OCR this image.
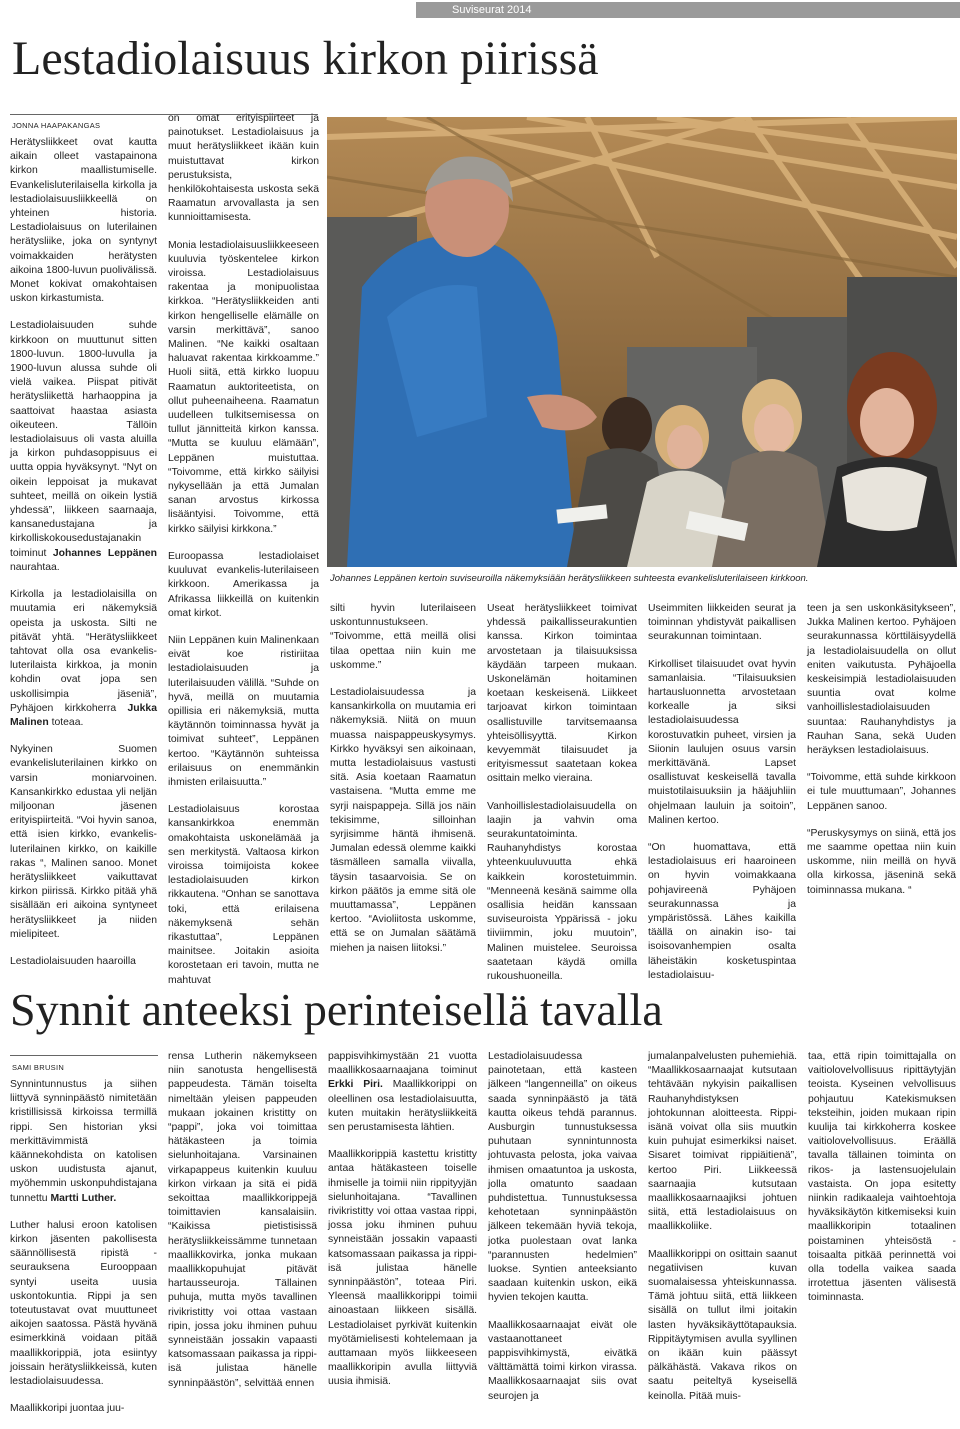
Suviseurat 2014
Lestadiolaisuus kirkon piirissä
JONNA HAAPAKANGAS

Herätysliikkeet ovat kautta aikain olleet vastapainona kirkon maallistumiselle. Evankelisluterilaisella kirkolla ja lestadiolaisuusliikkeellä on yhteinen historia. Lestadiolaisuus on luterilainen herätysliike, joka on syntynyt voimakkaiden herätysten aikoina 1800-luvun puolivälissä. Monet kokivat omakohtaisen uskon kirkastumista.

Lestadiolaisuuden suhde kirkkoon on muuttunut sitten 1800-luvun. 1800-luvulla ja 1900-luvun alussa suhde oli vielä vaikea. Piispat pitivät herätysliikettä harhaoppina ja saattoivat haastaa asiasta oikeuteen. Tällöin lestadiolaisuus oli vasta aluilla ja kirkon puhdasoppisuus ei uutta oppia hyväksynyt. “Nyt on oikein leppoisat ja mukavat suhteet, meillä on oikein lystiä yhdessä”, liikkeen saarnaaja, kansanedustajana ja kirkolliskokousedustajanakin toiminut Johannes Leppänen naurahtaa.

Kirkolla ja lestadiolaisilla on muutamia eri näkemyksiä opeista ja uskosta. Silti ne pitävät yhtä. “Herätysliikkeet tahtovat olla osa evankelis- luterilaista kirkkoa, ja monin kohdin ovat jopa sen uskollisimpia jäseniä”, Pyhäjoen kirkkoherra Jukka Malinen toteaa.

Nykyinen Suomen evankelisluterilainen kirkko on varsin moniarvoinen. Kansankirkko edustaa yli neljän miljoonan jäsenen erityispiirteitä. “Voi hyvin sanoa, että isien kirkko, evankelis-luterilainen kirkko, on kaikille rakas “, Malinen sanoo. Monet herätysliikkeet vaikuttavat kirkon piirissä. Kirkko pitää yhä sisällään eri aikoina syntyneet herätysliikkeet ja niiden mielipiteet.

Lestadiolaisuuden haaroilla

on omat erityispiirteet ja painotukset. Lestadiolaisuus ja muut herätysliikkeet ikään kuin muistuttavat kirkon perustuksista, henkilökohtaisesta uskosta sekä Raamatun arvovallasta ja sen kunnioittamisesta.

Monia lestadiolaisuusliikkeeseen kuuluvia työskentelee kirkon viroissa. Lestadiolaisuus rakentaa ja monipuolistaa kirkkoa. “Herätysliikkeiden anti kirkon hengelliselle elämälle on varsin merkittävä”, sanoo Malinen. “Ne kaikki osaltaan haluavat rakentaa kirkkoamme.” Huoli siitä, että kirkko luopuu Raamatun auktoriteetista, on ollut puheenaiheena. Raamatun uudelleen tulkitsemisessa on tullut jännitteitä kirkon kanssa. “Mutta se kuuluu elämään”, Leppänen muistuttaa. “Toivomme, että kirkko säilyisi nykysellään ja että Jumalan sanan arvostus kirkossa lisääntyisi. Toivomme, että kirkko säilyisi kirkkona.”

Euroopassa lestadiolaiset kuuluvat evankelis-luterilaiseen kirkkoon. Amerikassa ja Afrikassa liikkeillä on kuitenkin omat kirkot.

Niin Leppänen kuin Malinenkaan eivät koe ristiriitaa lestadiolaisuuden ja luterilaisuuden välillä. “Suhde on hyvä, meillä on muutamia opillisia eri näkemyksiä, mutta käytännön toiminnassa hyvät ja toimivat suhteet”, Leppänen kertoo. “Käytännön suhteissa erilaisuus on enemmänkin ihmisten erilaisuutta.”

Lestadiolaisuus korostaa kansankirkkoa enemmän omakohtaista uskonelämää ja sen merkitystä. Valtaosa kirkon viroissa toimijoista kokee lestadiolaisuuden kirkon rikkautena. “Onhan se sanottava toki, että erilaisena näkemyksenä sehän rikastuttaa”, Leppänen mainitsee. Joitakin asioita korostetaan eri tavoin, mutta ne mahtuvat

Johannes Leppänen kertoin suviseuroilla näkemyksiään herätysliikkeen suhteesta evankelisluterilaiseen kirkkoon.

silti hyvin luterilaiseen uskontunnustukseen. “Toivomme, että meillä olisi tilaa opettaa niin kuin me uskomme.”

Lestadiolaisuudessa ja kansankirkolla on muutamia eri näkemyksiä. Niitä on muun muassa naispappeuskysymys. Kirkko hyväksyi sen aikoinaan, mutta lestadiolaisuus vastusti sitä. Asia koetaan Raamatun vastaisena. “Mutta emme me syrji naispappeja. Sillä jos näin tekisimme, silloinhan syrjisimme häntä ihmisenä. Jumalan edessä olemme kaikki täsmälleen samalla viivalla, täysin tasaarvoisia. Se on kirkon päätös ja emme sitä ole muuttamassa”, Leppänen kertoo. “Avioliitosta uskomme, että se on Jumalan säätämä miehen ja naisen liitoksi.”

Useat herätysliikkeet toimivat yhdessä paikallisseurakuntien kanssa. Kirkon toimintaa arvostetaan ja tilaisuuksissa käydään tarpeen mukaan. Uskonelämän hoitaminen koetaan keskeisenä. Liikkeet tarjoavat kirkon toimintaan osallistuville tarvitsemaansa yhteisöllisyyttä. Kirkon kevyemmät tilaisuudet ja erityismessut saatetaan kokea osittain melko vieraina.

Vanhoillislestadiolaisuudella on laajin ja vahvin oma seurakuntatoiminta. Rauhanyhdistys korostaa yhteenkuuluvuutta ehkä kaikkein korostetuimmin. “Menneenä kesänä saimme olla osallisia heidän kanssaan suviseuroista Yppärissä - joku tiiviimmin, joku muutoin”, Malinen muistelee. Seuroissa saatetaan käydä omilla rukoushuoneilla.

Useimmiten liikkeiden seurat ja toiminnan yhdistyvät paikallisen seurakunnan toimintaan.

Kirkolliset tilaisuudet ovat hyvin samanlaisia. “Tilaisuuksien hartausluonnetta arvostetaan korkealle ja siksi lestadiolaisuudessa korostuvatkin puheet, virsien ja Siionin laulujen osuus varsin merkittävänä. Lapset osallistuvat keskeisellä tavalla muistotilaisuuksiin ja hääjuhliin ohjelmaan lauluin ja soitoin”, Malinen kertoo.

“On huomattava, että lestadiolaisuus eri haaroineen on hyvin voimakkaana pohjavireenä Pyhäjoen seurakunnassa ja ympäristössä. Lähes kaikilla täällä on ainakin iso- tai isoisovanhempien osalta läheistäkin kosketuspintaa lestadiolaisuu-

teen ja sen uskonkäsitykseen”, Jukka Malinen kertoo. Pyhäjoen seurakunnassa körttiläisyydellä ja lestadiolaisuudella on ollut eniten vaikutusta. Pyhäjoella keskeisimpiä lestadiolaisuuden suuntia ovat kolme vanhoillislestadiolaisuuden suuntaa: Rauhanyhdistys ja Rauhan Sana, sekä Uuden heräyksen lestadiolaisuus.

“Toivomme, että suhde kirkkoon ei tule muuttumaan”, Johannes Leppänen sanoo.

“Peruskysymys on siinä, että jos me saamme opettaa niin kuin uskomme, niin meillä on hyvä olla kirkossa, jäseninä sekä toiminnassa mukana. “

Synnit anteeksi perinteisellä tavalla
SAMI BRUSIN

Synnintunnustus ja siihen liittyvä synninpäästö nimitetään kristillisissä kirkoissa termillä rippi. Sen historian yksi merkittävimmistä käännekohdista on katolisen uskon uudistusta ajanut, myöhemmin uskonpuhdistajana tunnettu Martti Luther.

Luther halusi eroon katolisen kirkon jäsenten pakollisesta säännöllisestä ripistä - seurauksena Eurooppaan syntyi useita uusia uskontokuntia. Rippi ja sen toteutustavat ovat muuttuneet aikojen saatossa. Pästä hyvänä esimerkkinä voidaan pitää maallikkorippiä, jota esiintyy joissain herätysliikkeissä, kuten lestadiolaisuudessa.

Maallikkoripi juontaa juu-

rensa Lutherin näkemykseen niin sanotusta hengellisestä pappeudesta. Tämän toiselta nimeltään yleisen pappeuden mukaan jokainen kristitty on “pappi”, joka voi toimittaa hätäkasteen ja toimia sielunhoitajana. Varsinainen virkapappeus kuitenkin kuuluu kirkon virkaan ja sitä ei pidä sekoittaa maallikkorippejä toimittavien kansalaisiin. “Kaikissa pietistisissä herätysliikkeissämme tunnetaan maallikkovirka, jonka mukaan maallikkopuhujat pitävät hartausseuroja. Tällainen puhuja, mutta myös tavallinen rivikristitty voi ottaa vastaan ripin, jossa joku ihminen puhuu synneistään jossakin vapaasti katsomassaan paikassa ja rippi-isä julistaa hänelle synninpäästön”, selvittää ennen

pappisvihkimystään 21 vuotta maallikkosaarnaajana toiminut Erkki Piri. Maallikkorippi on oleellinen osa lestadiolaisuutta, kuten muitakin herätysliikkeitä sen perustamisesta lähtien.

Maallikkorippiä kastettu kristitty antaa hätäkasteen toiselle ihmiselle ja toimii niin rippityyjän sielunhoitajana. “Tavallinen rivikristitty voi ottaa vastaa rippi, jossa joku ihminen puhuu synneistään jossakin vapaasti katsomassaan paikassa ja rippi-isä julistaa hänelle synninpäästön”, toteaa Piri. Yleensä maallikkorippi toimii ainoastaan liikkeen sisällä. Lestadiolaiset pyrkivät kuitenkin myötämielisesti kohtelemaan ja auttamaan myös liikkeeseen maallikkoripin avulla liittyviä uusia ihmisiä.

Lestadiolaisuudessa painotetaan, että kasteen jälkeen “langenneilla” on oikeus saada synninpäästö ja tätä kautta oikeus tehdä parannus. Ausburgin tunnustuksessa puhutaan synnintunnosta johtuvasta pelosta, joka vaivaa ihmisen omaatuntoa ja uskosta, jolla omatunto saadaan puhdistettua. Tunnustuksessa kehotetaan synninpäästön jälkeen tekemään hyviä tekoja, jotka puolestaan ovat lanka “parannusten hedelmien” luokse. Syntien anteeksianto saadaan kuitenkin uskon, eikä hyvien tekojen kautta.

Maallikkosaarnaajat eivät ole vastaanottaneet pappisvihkimystä, eivätkä välttämättä toimi kirkon virassa. Maallikkosaarnaajat siis ovat seurojen ja

jumalanpalvelusten puhemiehiä. “Maallikkosaarnaajat kutsutaan tehtävään nykyisin paikallisen Rauhanyhdistyksen johtokunnan aloitteesta. Rippi-isänä voivat olla siis muutkin kuin puhujat esimerkiksi naiset. Sisaret toimivat rippiäitienä”, kertoo Piri. Liikkeessä saarnaajia kutsutaan maallikkosaarnaajiksi johtuen siitä, että lestadiolaisuus on maallikkoliike.

Maallikkorippi on osittain saanut negatiivisen kuvan suomalaisessa yhteiskunnassa. Tämä johtuu siitä, että liikkeen sisällä on tullut ilmi joitakin lasten hyväksikäyttötapauksia. Rippitäytymisen avulla syyllinen on ikään kuin päässyt pälkähästä. Vakava rikos on saatu peiteltyä kyseisellä keinolla. Pitää muis-

taa, että ripin toimittajalla on vaitiolovelvollisuus ripittäytyjän teoista. Kyseinen velvollisuus pohjautuu Katekismuksen teksteihin, joiden mukaan ripin kuulija tai kirkkoherra koskee vaitiolovelvollisuus. Eräällä tavalla tällainen toiminta on rikos- ja lastensuojelulain vastaista. On jopa esitetty niinkin radikaaleja vaihtoehtoja hyväksikäytön kitkemiseksi kuin maallikkoripin totaalinen poistaminen yhteisöstä - toisaalta pitkää perinnettä voi olla todella vaikea saada irrotettua jäsenten välisestä toiminnasta.
